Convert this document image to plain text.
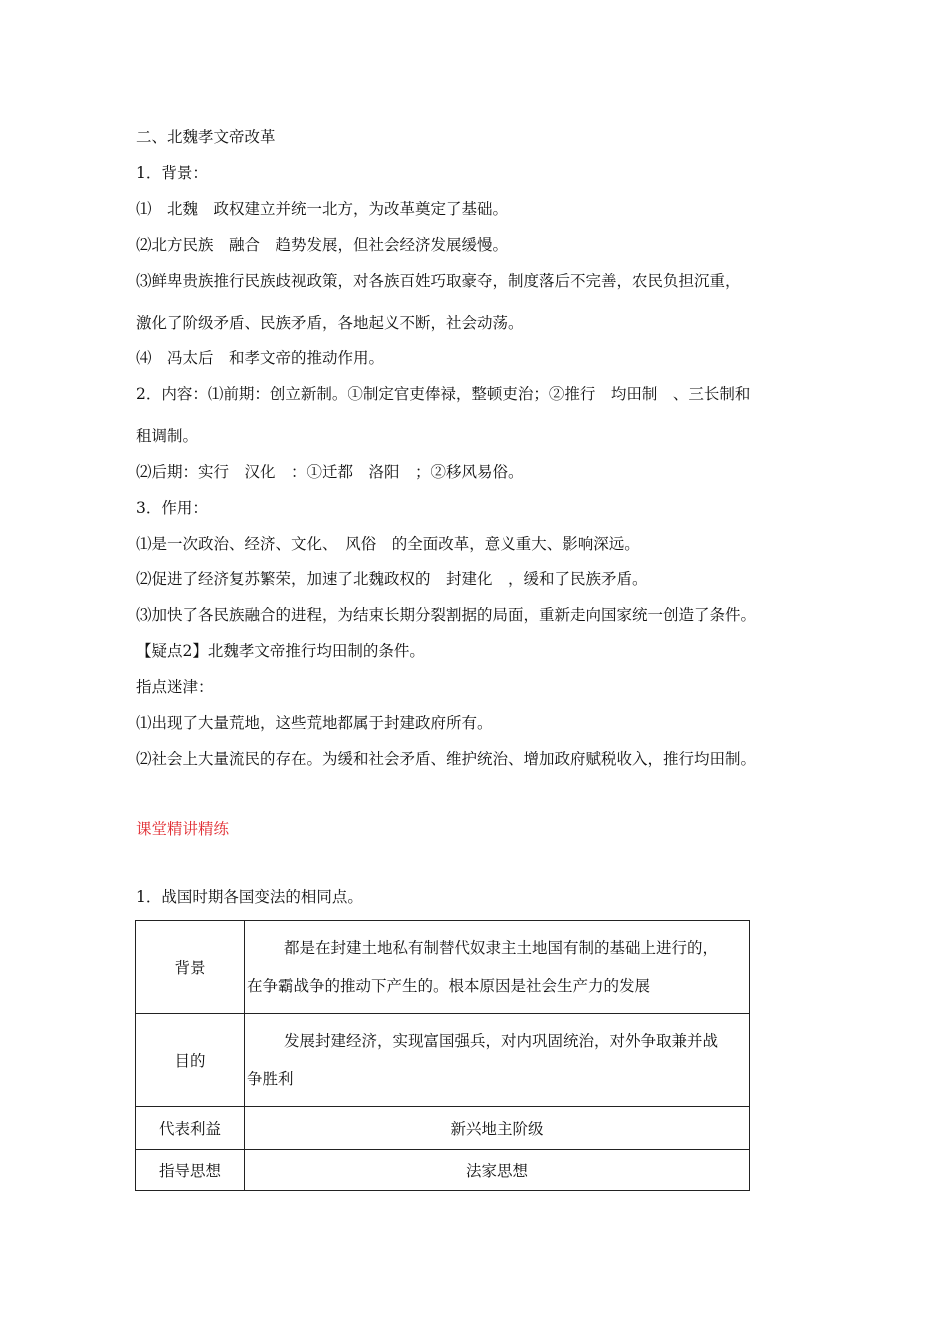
二、北魏孝文帝改革
1．背景：
⑴　北魏　政权建立并统一北方，为改革奠定了基础。
⑵北方民族　融合　趋势发展，但社会经济发展缓慢。
⑶鲜卑贵族推行民族歧视政策，对各族百姓巧取豪夺，制度落后不完善，农民负担沉重，
激化了阶级矛盾、民族矛盾，各地起义不断，社会动荡。
⑷　冯太后　和孝文帝的推动作用。
2．内容：⑴前期：创立新制。①制定官吏俸禄，整顿吏治；②推行　均田制　、三长制和
租调制。
⑵后期：实行　汉化　：①迁都　洛阳　；②移风易俗。
3．作用：
⑴是一次政治、经济、文化、　风俗　的全面改革，意义重大、影响深远。
⑵促进了经济复苏繁荣，加速了北魏政权的　封建化　，缓和了民族矛盾。
⑶加快了各民族融合的进程，为结束长期分裂割据的局面，重新走向国家统一创造了条件。
【疑点2】北魏孝文帝推行均田制的条件。
指点迷津：
⑴出现了大量荒地，这些荒地都属于封建政府所有。
⑵社会上大量流民的存在。为缓和社会矛盾、维护统治、增加政府赋税收入，推行均田制。
课堂精讲精练
1．战国时期各国变法的相同点。
背景	都是在封建土地私有制替代奴隶主土地国有制的基础上进行的，
在争霸战争的推动下产生的。根本原因是社会生产力的发展

目的	发展封建经济，实现富国强兵，对内巩固统治，对外争取兼并战
争胜利

代表利益	新兴地主阶级
指导思想	法家思想
